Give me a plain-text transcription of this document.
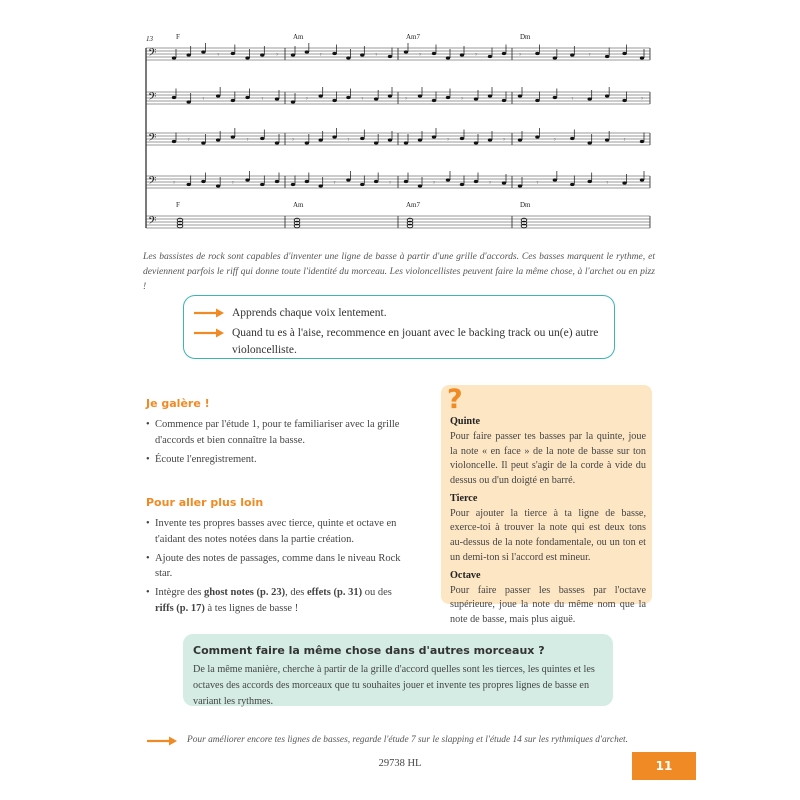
13
𝄢	𝄾	𝄾	𝄾	𝄾	𝄾	𝄾	𝄾	𝄾
𝄢	𝄾	𝄾	𝄾	𝄾	𝄾	𝄾	𝄾	𝄾
𝄢	𝄾	𝄾	𝄾	𝄾	𝄾	𝄾	𝄾	𝄾
𝄢 𝄾	𝄾	𝄾	𝄾	𝄾	𝄾	𝄾	𝄾
𝄢
F	Am	Am7	Dm
F	Am	Am7	Dm
Les bassistes de rock sont capables d'inventer une ligne de basse à partir d'une grille d'accords. Ces basses marquent le rythme, et deviennent parfois le riff qui donne toute l'identité du morceau. Les violoncellistes peuvent faire la même chose, à l'archet ou en pizz !
Apprends chaque voix lentement.
Quand tu es à l'aise, recommence en jouant avec le backing track ou un(e) autre violoncelliste.
Je galère !
• Commence par l'étude 1, pour te familiariser avec la grille d'accords et bien connaître la basse.
• Écoute l'enregistrement.
Pour aller plus loin
• Invente tes propres basses avec tierce, quinte et octave en t'aidant des notes notées dans la partie création.
• Ajoute des notes de passages, comme dans le niveau Rock star.
• Intègre des ghost notes (p. 23), des effets (p. 31) ou des riffs (p. 17) à tes lignes de basse !
?
Quinte

Pour faire passer tes basses par la quinte, joue la note « en face » de la note de basse sur ton violoncelle. Il peut s'agir de la corde à vide du dessus ou d'un doigté en barré.

Tierce

Pour ajouter la tierce à ta ligne de basse, exerce-toi à trouver la note qui est deux tons au-dessus de la note fondamentale, ou un ton et un demi-ton si l'accord est mineur.

Octave

Pour faire passer les basses par l'octave supérieure, joue la note du même nom que la note de basse, mais plus aiguë.

Comment faire la même chose dans d'autres morceaux ?
De la même manière, cherche à partir de la grille d'accord quelles sont les tierces, les quintes et les octaves des accords des morceaux que tu souhaites jouer et invente tes propres lignes de basse en variant les rythmes.
Pour améliorer encore tes lignes de basses, regarde l'étude 7 sur le slapping et l'étude 14 sur les rythmiques d'archet.
29738 HL	11
